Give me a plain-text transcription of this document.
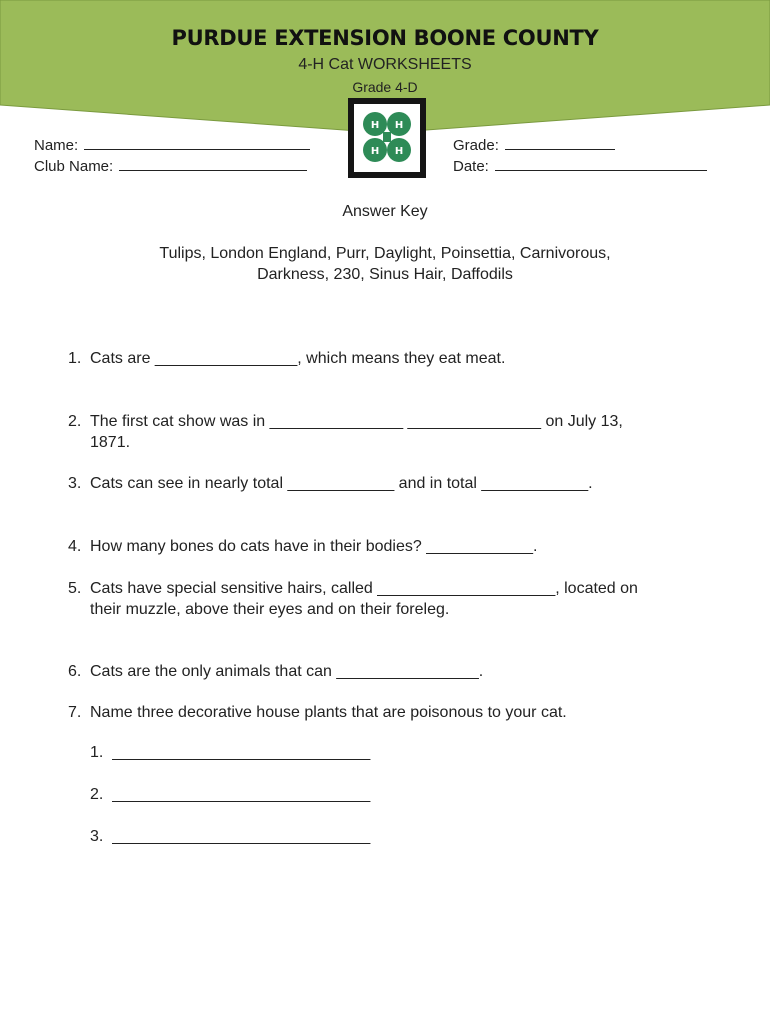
PURDUE EXTENSION BOONE COUNTY
4-H Cat WORKSHEETS
Grade 4-D
H H
H H
Name:
Club Name:
Grade:
Date:
Answer Key
Tulips, London England, Purr, Daylight, Poinsettia, Carnivorous,
Darkness, 230, Sinus Hair, Daffodils
1. Cats are ________________, which means they eat meat.
2. The first cat show was in _______________ _______________ on July 13,
1871.
3. Cats can see in nearly total ____________ and in total ____________.
4. How many bones do cats have in their bodies? ____________.
5. Cats have special sensitive hairs, called ____________________, located on
their muzzle, above their eyes and on their foreleg.
6. Cats are the only animals that can ________________.
7. Name three decorative house plants that are poisonous to your cat.
1.  _____________________________
2.  _____________________________
3.  _____________________________
